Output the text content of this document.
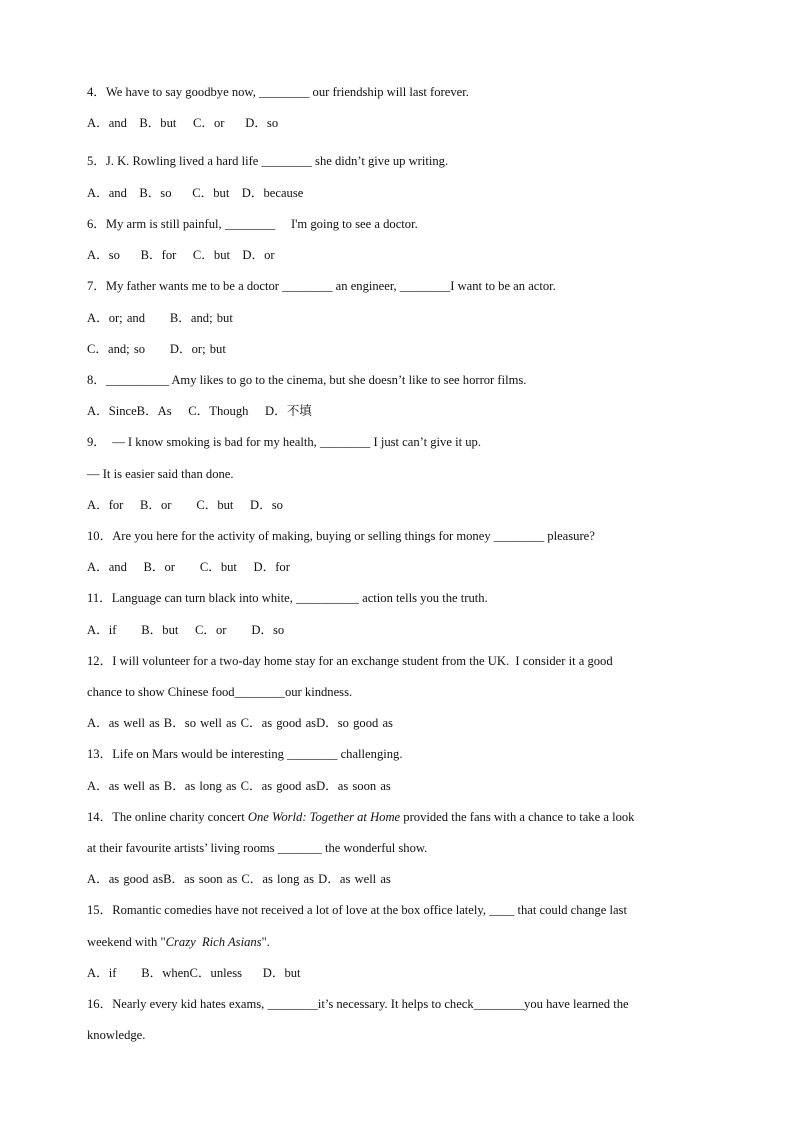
4．We have to say goodbye now, ________ our friendship will last forever.
A．and   B．but    C．or     D．so
5．J. K. Rowling lived a hard life ________ she didn’t give up writing.
A．and   B．so     C．but   D．because
6．My arm is still painful, ________     I'm going to see a doctor.
A．so     B．for    C．but   D．or
7．My father wants me to be a doctor ________ an engineer, ________I want to be an actor.
A．or; and      B．and; but
C．and; so      D．or; but
8．__________ Amy likes to go to the cinema, but she doesn’t like to see horror films.
A．SinceB．As    C．Though    D．不填
9．  — I know smoking is bad for my health, ________ I just can’t give it up.
— It is easier said than done.
A．for    B．or      C．but    D．so
10．Are you here for the activity of making, buying or selling things for money ________ pleasure?
A．and    B．or      C．but    D．for
11．Language can turn black into white, __________ action tells you the truth.
A．if      B．but    C．or      D．so
12．I will volunteer for a two-day home stay for an exchange student from the UK.  I consider it a good
chance to show Chinese food________our kindness.
A．as well as B．so well as C．as good asD．so good as
13．Life on Mars would be interesting ________ challenging.
A．as well as B．as long as C．as good asD．as soon as
14．The online charity concert One World: Together at Home provided the fans with a chance to take a look
at their favourite artists’ living rooms _______ the wonderful show.
A．as good asB．as soon as C．as long as D．as well as
15．Romantic comedies have not received a lot of love at the box office lately, ____ that could change last
weekend with "Crazy  Rich Asians".
A．if      B．whenC．unless     D．but
16．Nearly every kid hates exams, ________it’s necessary. It helps to check________you have learned the
knowledge.
